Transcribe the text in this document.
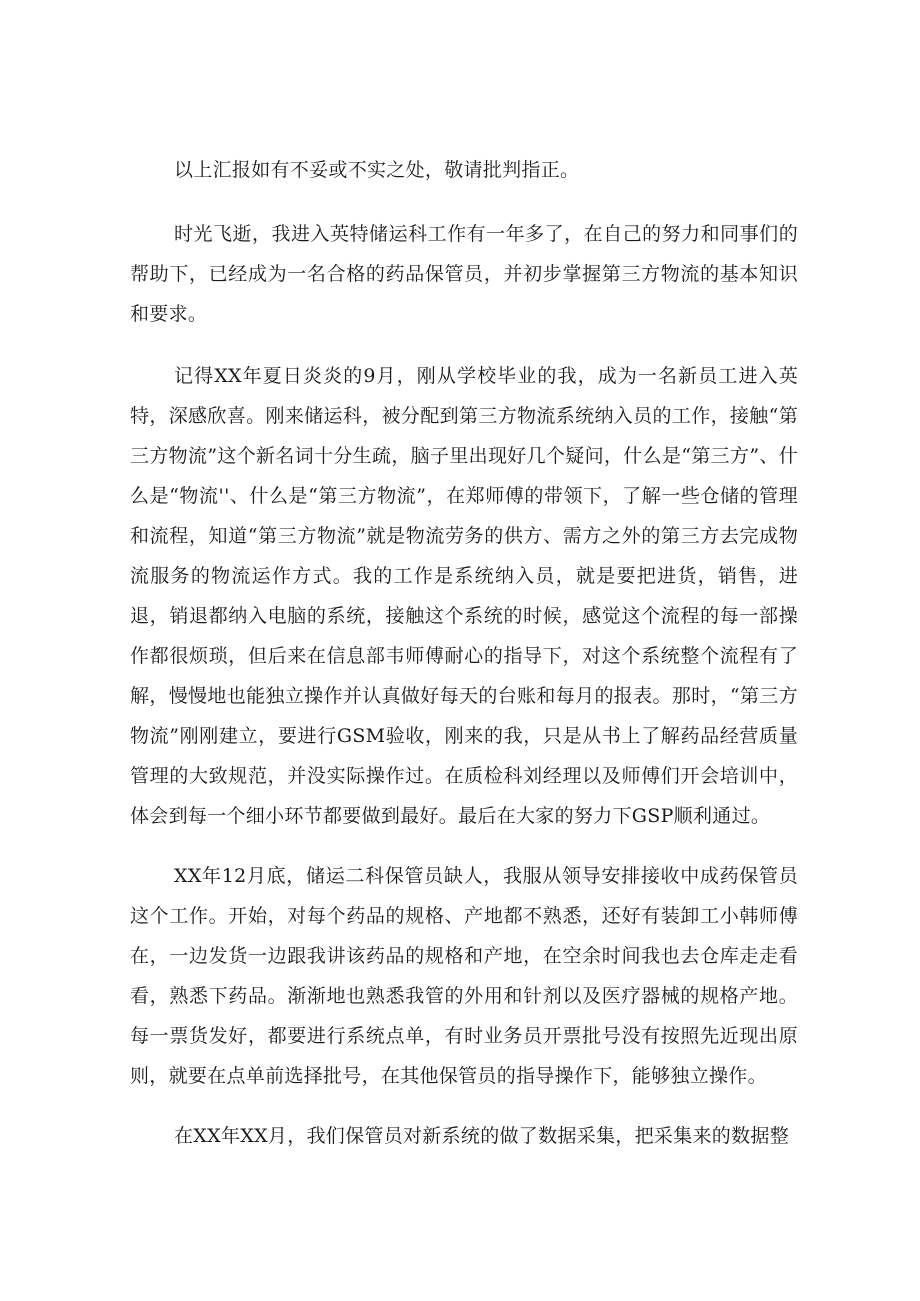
以上汇报如有不妥或不实之处，敬请批判指正。

时光飞逝，我进入英特储运科工作有一年多了，在自己的努力和同事们的帮助下，已经成为一名合格的药品保管员，并初步掌握第三方物流的基本知识和要求。

记得XX年夏日炎炎的9月，刚从学校毕业的我，成为一名新员工进入英特，深感欣喜。刚来储运科，被分配到第三方物流系统纳入员的工作，接触“第三方物流”这个新名词十分生疏，脑子里出现好几个疑问，什么是“第三方”、什么是“物流''、什么是“第三方物流”，在郑师傅的带领下，了解一些仓储的管理和流程，知道“第三方物流”就是物流劳务的供方、需方之外的第三方去完成物流服务的物流运作方式。我的工作是系统纳入员，就是要把进货，销售，进退，销退都纳入电脑的系统，接触这个系统的时候，感觉这个流程的每一部操作都很烦琐，但后来在信息部韦师傅耐心的指导下，对这个系统整个流程有了解，慢慢地也能独立操作并认真做好每天的台账和每月的报表。那时，“第三方物流”刚刚建立，要进行GSM验收，刚来的我，只是从书上了解药品经营质量管理的大致规范，并没实际操作过。在质检科刘经理以及师傅们开会培训中，体会到每一个细小环节都要做到最好。最后在大家的努力下GSP顺利通过。

XX年12月底，储运二科保管员缺人，我服从领导安排接收中成药保管员这个工作。开始，对每个药品的规格、产地都不熟悉，还好有装卸工小韩师傅在，一边发货一边跟我讲该药品的规格和产地，在空余时间我也去仓库走走看看，熟悉下药品。渐渐地也熟悉我管的外用和针剂以及医疗器械的规格产地。每一票货发好，都要进行系统点单，有时业务员开票批号没有按照先近现出原则，就要在点单前选择批号，在其他保管员的指导操作下，能够独立操作。

在XX年XX月，我们保管员对新系统的做了数据采集，把采集来的数据整
